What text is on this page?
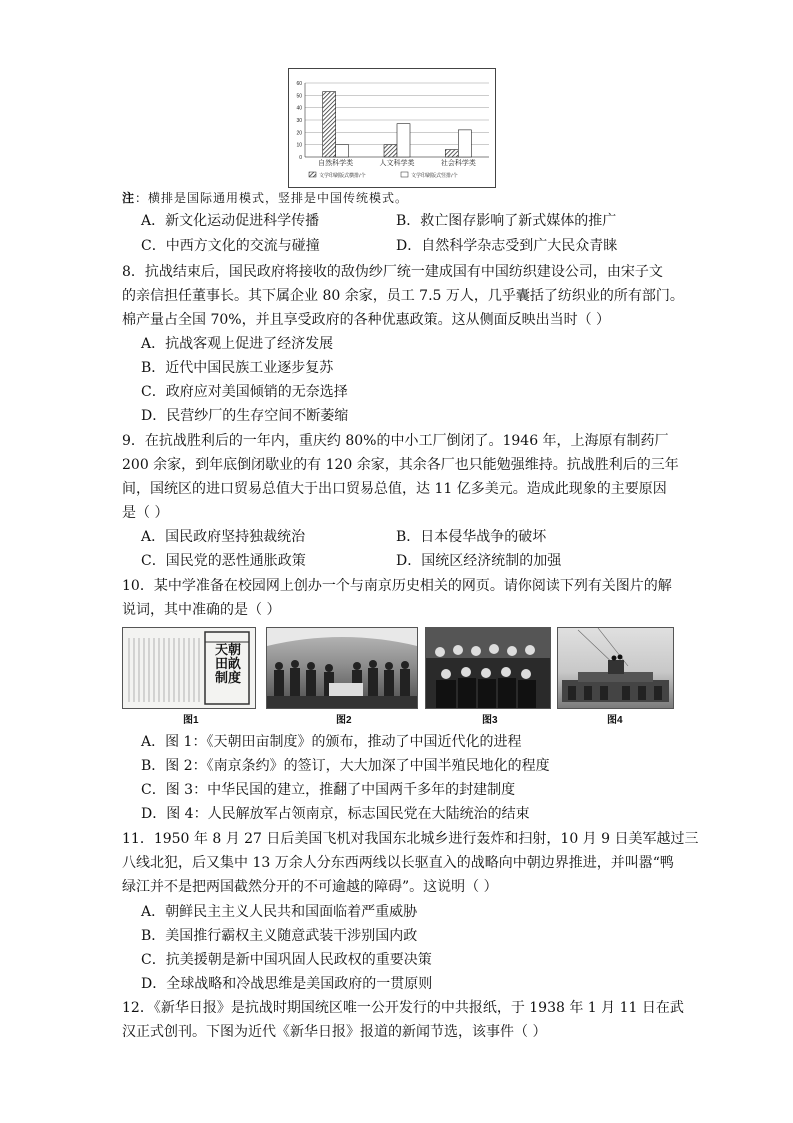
0
10
20
30
40
50
60
自然科学类	人文科学类	社会科学类
文学印刷版式横排/个	文学印刷版式竖排/个
注：横排是国际通用模式，竖排是中国传统模式。
A．新文化运动促进科学传播	B．救亡图存影响了新式媒体的推广
C．中西方文化的交流与碰撞	D．自然科学杂志受到广大民众青睐
8．抗战结束后，国民政府将接收的敌伪纱厂统一建成国有中国纺织建设公司，由宋子文
的亲信担任董事长。其下属企业 80 余家，员工 7.5 万人，几乎囊括了纺织业的所有部门。
棉产量占全国 70%，并且享受政府的各种优惠政策。这从侧面反映出当时（ ）
A．抗战客观上促进了经济发展
B．近代中国民族工业逐步复苏
C．政府应对美国倾销的无奈选择
D．民营纱厂的生存空间不断萎缩
9．在抗战胜利后的一年内，重庆约 80%的中小工厂倒闭了。1946 年，上海原有制药厂
200 余家，到年底倒闭歇业的有 120 余家，其余各厂也只能勉强维持。抗战胜利后的三年
间，国统区的进口贸易总值大于出口贸易总值，达 11 亿多美元。造成此现象的主要原因
是（ ）
A．国民政府坚持独裁统治	B．日本侵华战争的破坏
C．国民党的恶性通胀政策	D．国统区经济统制的加强
10．某中学准备在校园网上创办一个与南京历史相关的网页。请你阅读下列有关图片的解
说词，其中准确的是（ ）
天朝田畝制度
图1	图2	图3	图4
A．图 1：《天朝田亩制度》的颁布，推动了中国近代化的进程
B．图 2：《南京条约》的签订，大大加深了中国半殖民地化的程度
C．图 3：中华民国的建立，推翻了中国两千多年的封建制度
D．图 4：人民解放军占领南京，标志国民党在大陆统治的结束
11．1950 年 8 月 27 日后美国飞机对我国东北城乡进行轰炸和扫射，10 月 9 日美军越过三
八线北犯，后又集中 13 万余人分东西两线以长驱直入的战略向中朝边界推进，并叫嚣“鸭
绿江并不是把两国截然分开的不可逾越的障碍”。这说明（ ）
A．朝鲜民主主义人民共和国面临着严重威胁
B．美国推行霸权主义随意武装干涉别国内政
C．抗美援朝是新中国巩固人民政权的重要决策
D．全球战略和冷战思维是美国政府的一贯原则
12．《新华日报》是抗战时期国统区唯一公开发行的中共报纸，于 1938 年 1 月 11 日在武
汉正式创刊。下图为近代《新华日报》报道的新闻节选，该事件（ ）
